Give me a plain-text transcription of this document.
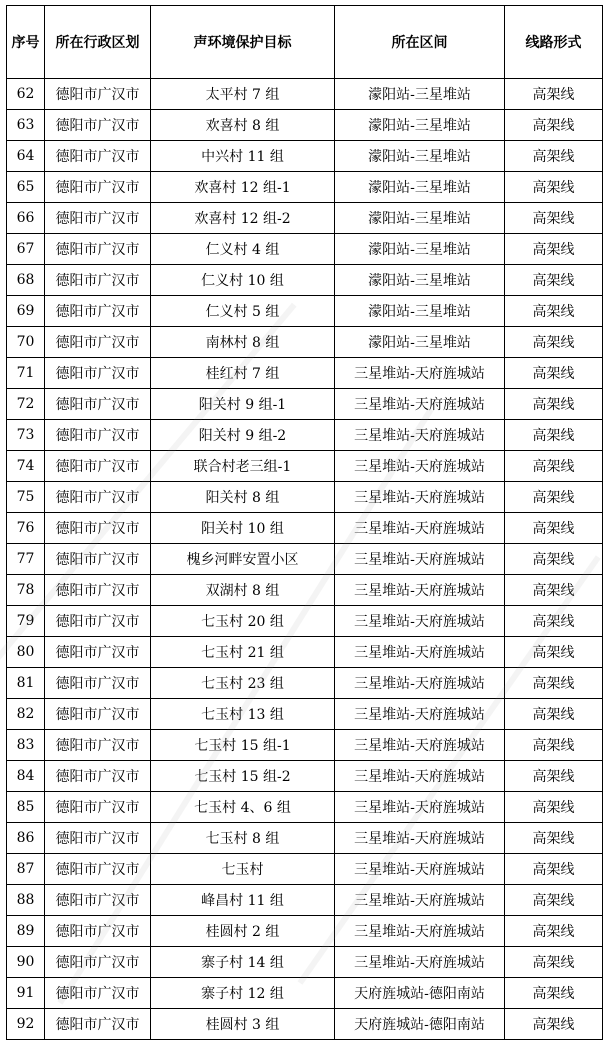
序号	所在行政区划	声环境保护目标	所在区间	线路形式
62	德阳市广汉市	太平村 7 组	濛阳站-三星堆站	高架线
63	德阳市广汉市	欢喜村 8 组	濛阳站-三星堆站	高架线
64	德阳市广汉市	中兴村 11 组	濛阳站-三星堆站	高架线
65	德阳市广汉市	欢喜村 12 组-1	濛阳站-三星堆站	高架线
66	德阳市广汉市	欢喜村 12 组-2	濛阳站-三星堆站	高架线
67	德阳市广汉市	仁义村 4 组	濛阳站-三星堆站	高架线
68	德阳市广汉市	仁义村 10 组	濛阳站-三星堆站	高架线
69	德阳市广汉市	仁义村 5 组	濛阳站-三星堆站	高架线
70	德阳市广汉市	南林村 8 组	濛阳站-三星堆站	高架线
71	德阳市广汉市	桂红村 7 组	三星堆站-天府旌城站	高架线
72	德阳市广汉市	阳关村 9 组-1	三星堆站-天府旌城站	高架线
73	德阳市广汉市	阳关村 9 组-2	三星堆站-天府旌城站	高架线
74	德阳市广汉市	联合村老三组-1	三星堆站-天府旌城站	高架线
75	德阳市广汉市	阳关村 8 组	三星堆站-天府旌城站	高架线
76	德阳市广汉市	阳关村 10 组	三星堆站-天府旌城站	高架线
77	德阳市广汉市	槐乡河畔安置小区	三星堆站-天府旌城站	高架线
78	德阳市广汉市	双湖村 8 组	三星堆站-天府旌城站	高架线
79	德阳市广汉市	七玉村 20 组	三星堆站-天府旌城站	高架线
80	德阳市广汉市	七玉村 21 组	三星堆站-天府旌城站	高架线
81	德阳市广汉市	七玉村 23 组	三星堆站-天府旌城站	高架线
82	德阳市广汉市	七玉村 13 组	三星堆站-天府旌城站	高架线
83	德阳市广汉市	七玉村 15 组-1	三星堆站-天府旌城站	高架线
84	德阳市广汉市	七玉村 15 组-2	三星堆站-天府旌城站	高架线
85	德阳市广汉市	七玉村 4、6 组	三星堆站-天府旌城站	高架线
86	德阳市广汉市	七玉村 8 组	三星堆站-天府旌城站	高架线
87	德阳市广汉市	七玉村	三星堆站-天府旌城站	高架线
88	德阳市广汉市	峰昌村 11 组	三星堆站-天府旌城站	高架线
89	德阳市广汉市	桂圆村 2 组	三星堆站-天府旌城站	高架线
90	德阳市广汉市	寨子村 14 组	三星堆站-天府旌城站	高架线
91	德阳市广汉市	寨子村 12 组	天府旌城站-德阳南站	高架线
92	德阳市广汉市	桂圆村 3 组	天府旌城站-德阳南站	高架线
